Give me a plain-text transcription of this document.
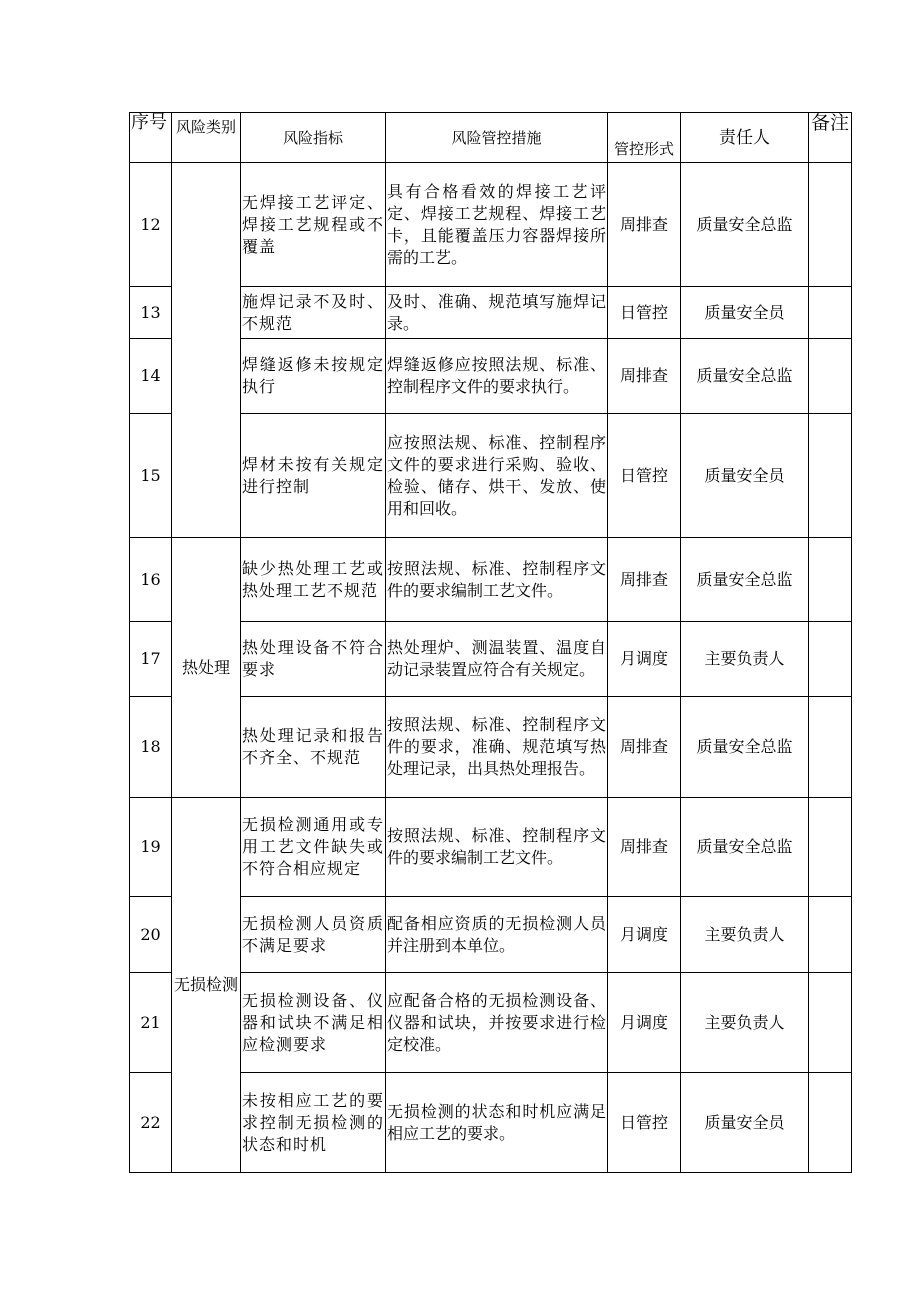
序号	风险类别	风险指标	风险管控措施	管控形式	责任人	备注
12		无焊接工艺评定、焊接工艺规程或不覆盖	具有合格看效的焊接工艺评定、焊接工艺规程、焊接工艺卡，且能覆盖压力容器焊接所需的工艺。	周排查	质量安全总监	
13		施焊记录不及时、不规范	及时、准确、规范填写施焊记录。	日管控	质量安全员	
14		焊缝返修未按规定执行	焊缝返修应按照法规、标准、控制程序文件的要求执行。	周排查	质量安全总监	
15		焊材未按有关规定进行控制	应按照法规、标准、控制程序文件的要求进行采购、验收、检验、储存、烘干、发放、使用和回收。	日管控	质量安全员	
16	热处理	缺少热处理工艺或热处理工艺不规范	按照法规、标准、控制程序文件的要求编制工艺文件。	周排查	质量安全总监	
17		热处理设备不符合要求	热处理炉、测温装置、温度自动记录装置应符合有关规定。	月调度	主要负责人	
18		热处理记录和报告不齐全、不规范	按照法规、标准、控制程序文件的要求，准确、规范填写热处理记录，出具热处理报告。	周排查	质量安全总监	
19	无损检测	无损检测通用或专用工艺文件缺失或不符合相应规定	按照法规、标准、控制程序文件的要求编制工艺文件。	周排查	质量安全总监	
20		无损检测人员资质不满足要求	配备相应资质的无损检测人员并注册到本单位。	月调度	主要负责人	
21		无损检测设备、仪器和试块不满足相应检测要求	应配备合格的无损检测设备、仪器和试块，并按要求进行检定校准。	月调度	主要负责人	
22		未按相应工艺的要求控制无损检测的状态和时机	无损检测的状态和时机应满足相应工艺的要求。	日管控	质量安全员	
